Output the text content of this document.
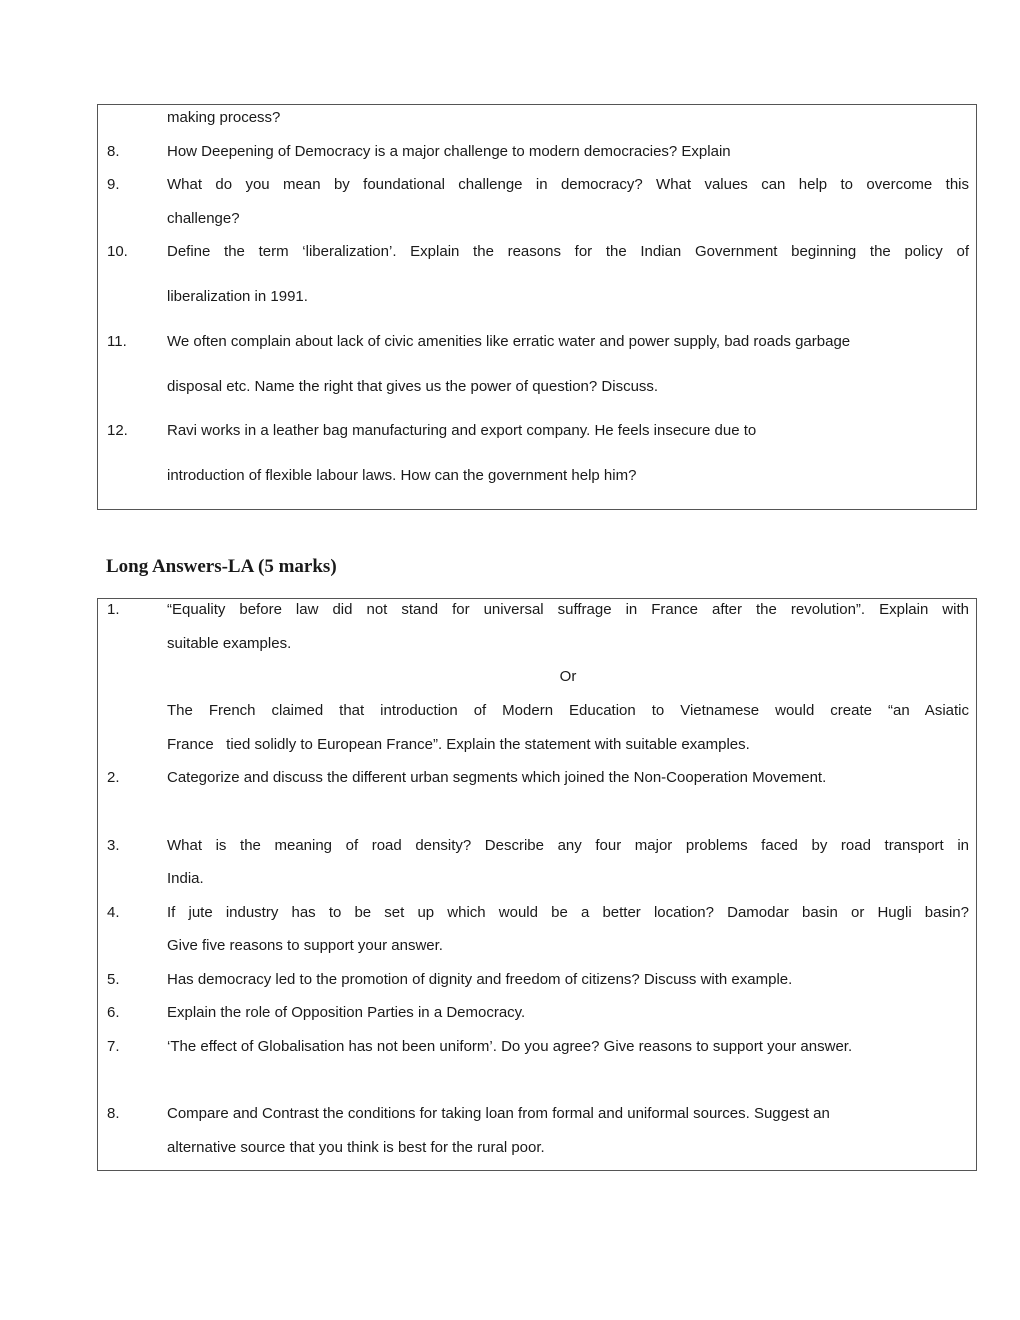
making process?
8.	How Deepening of Democracy is a major challenge to modern democracies? Explain
9.	What do you mean by foundational challenge in democracy? What values can help to overcome this
challenge?
10.	Define the term ‘liberalization’. Explain the reasons for the Indian Government beginning the policy of
liberalization in 1991.
11.	We often complain about lack of civic amenities like erratic water and power supply, bad roads garbage
disposal etc. Name the right that gives us the power of question? Discuss.
12.	Ravi works in a leather bag manufacturing and export company. He feels insecure due to
introduction of flexible labour laws. How can the government help him?
Long Answers-LA (5 marks)
1.	“Equality before law did not stand for universal suffrage in France after the revolution”. Explain with
suitable examples.
Or
The French claimed that introduction of Modern Education to Vietnamese would create “an Asiatic
France   tied solidly to European France”. Explain the statement with suitable examples.
2.	Categorize and discuss the different urban segments which joined the Non-Cooperation Movement.
3.	What is the meaning of road density? Describe any four major problems faced by road transport in
India.
4.	If jute industry has to be set up which would be a better location? Damodar basin or Hugli basin?
Give five reasons to support your answer.
5.	Has democracy led to the promotion of dignity and freedom of citizens? Discuss with example.
6.	Explain the role of Opposition Parties in a Democracy.
7.	‘The effect of Globalisation has not been uniform’. Do you agree? Give reasons to support your answer.
8.	Compare and Contrast the conditions for taking loan from formal and uniformal sources. Suggest an
alternative source that you think is best for the rural poor.
